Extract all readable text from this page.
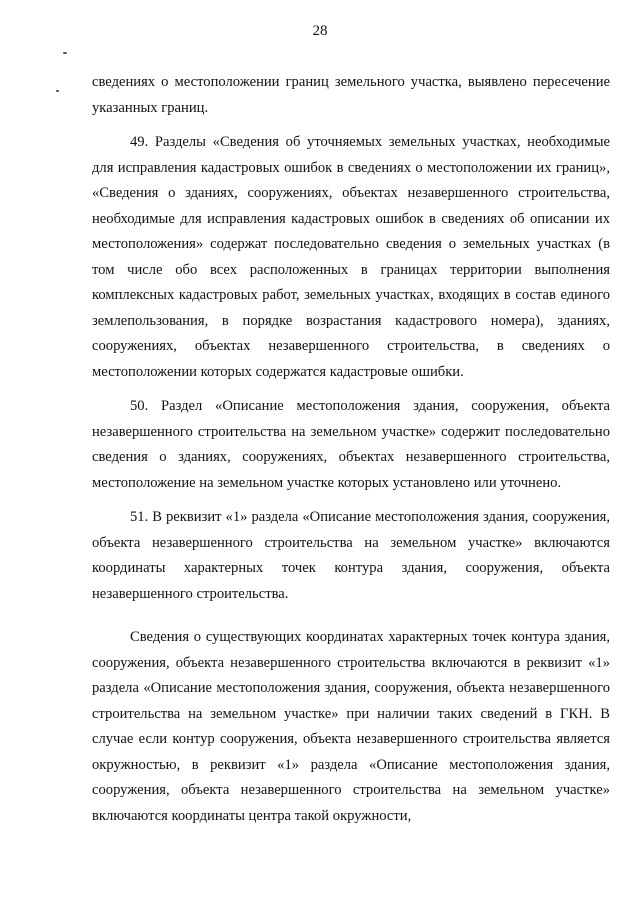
28

сведениях о местоположении границ земельного участка, выявлено пересечение указанных границ.

49. Разделы «Сведения об уточняемых земельных участках, необходимые для исправления кадастровых ошибок в сведениях о местоположении их границ», «Сведения о зданиях, сооружениях, объектах незавершенного строительства, необходимые для исправления кадастровых ошибок в сведениях об описании их местоположения» содержат последовательно сведения о земельных участках (в том числе обо всех расположенных в границах территории выполнения комплексных кадастровых работ, земельных участках, входящих в состав единого землепользования, в порядке возрастания кадастрового номера), зданиях, сооружениях, объектах незавершенного строительства, в сведениях о местоположении которых содержатся кадастровые ошибки.

50. Раздел «Описание местоположения здания, сооружения, объекта незавершенного строительства на земельном участке» содержит последовательно сведения о зданиях, сооружениях, объектах незавершенного строительства, местоположение на земельном участке которых установлено или уточнено.

51. В реквизит «1» раздела «Описание местоположения здания, сооружения, объекта незавершенного строительства на земельном участке» включаются координаты характерных точек контура здания, сооружения, объекта незавершенного строительства.

Сведения о существующих координатах характерных точек контура здания, сооружения, объекта незавершенного строительства включаются в реквизит «1» раздела «Описание местоположения здания, сооружения, объекта незавершенного строительства на земельном участке» при наличии таких сведений в ГКН. В случае если контур сооружения, объекта незавершенного строительства является окружностью, в реквизит «1» раздела «Описание местоположения здания, сооружения, объекта незавершенного строительства на земельном участке» включаются координаты центра такой окружности,
